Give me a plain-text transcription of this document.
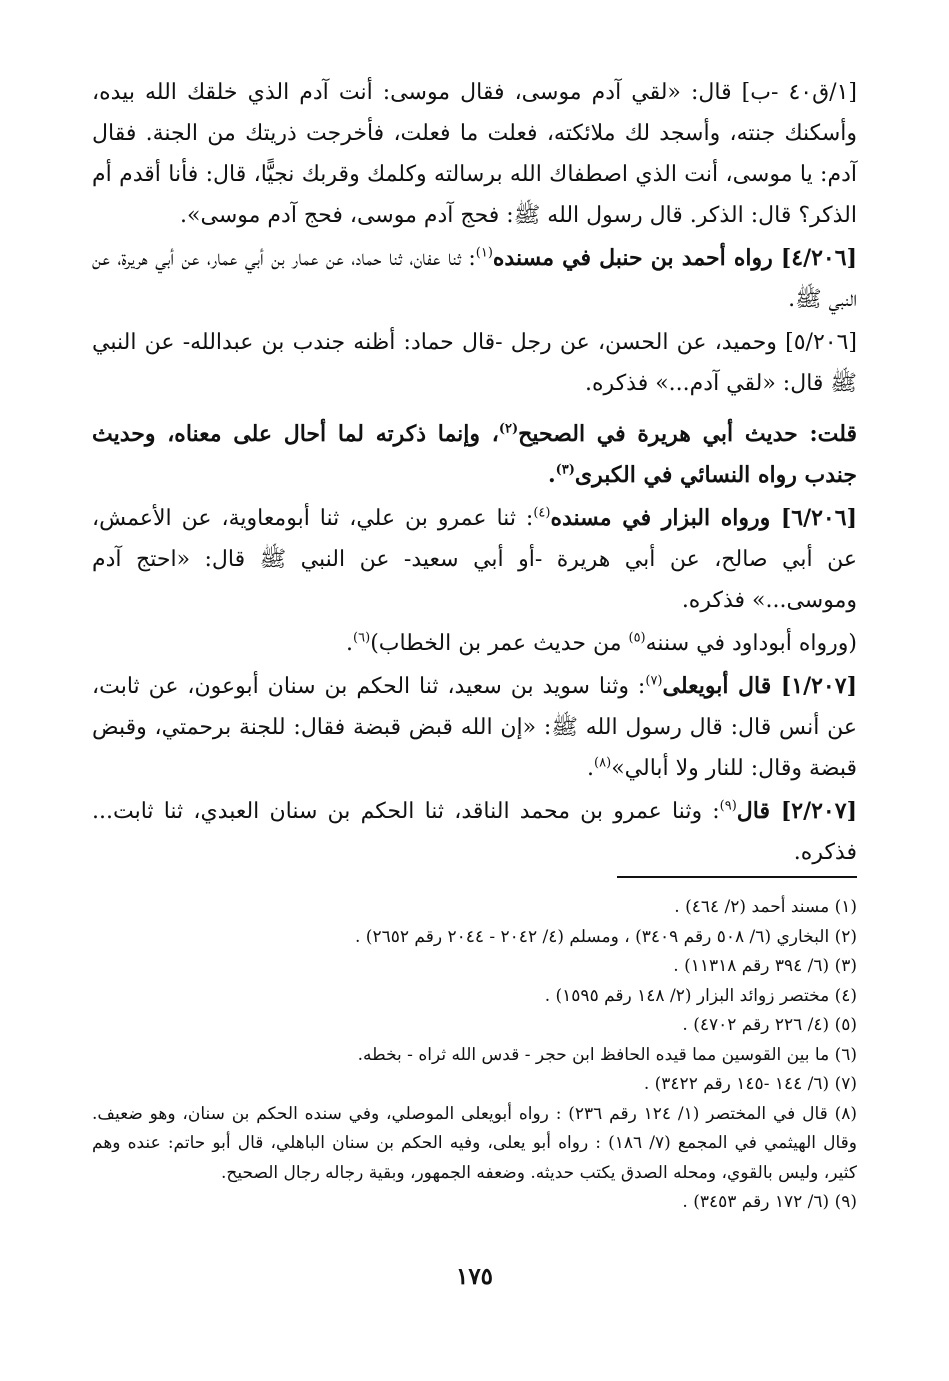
[١/ق٤٠ -ب] قال: «لقي آدم موسى، فقال موسى: أنت آدم الذي خلقك الله بيده، وأسكنك جنته، وأسجد لك ملائكته، فعلت ما فعلت، فأخرجت ذريتك من الجنة. فقال آدم: يا موسى، أنت الذي اصطفاك الله برسالته وكلمك وقربك نجيًّا، قال: فأنا أقدم أم الذكر؟ قال: الذكر. قال رسول الله ﷺ: فحج آدم موسى، فحج آدم موسى».

[٤/٢٠٦] رواه أحمد بن حنبل في مسنده$^{(١)}$: ثنا عفان، ثنا حماد، عن عمار بن أبي عمار، عن أبي هريرة، عن النبي ﷺ.

[٥/٢٠٦] وحميد، عن الحسن، عن رجل -قال حماد: أظنه جندب بن عبدالله- عن النبي ﷺ قال: «لقي آدم...» فذكره.

قلت: حديث أبي هريرة في الصحيح$^{(٢)}$، وإنما ذكرته لما أحال على معناه، وحديث جندب رواه النسائي في الكبرى$^{(٣)}$.

[٦/٢٠٦] ورواه البزار في مسنده$^{(٤)}$: ثنا عمرو بن علي، ثنا أبومعاوية، عن الأعمش، عن أبي صالح، عن أبي هريرة -أو أبي سعيد- عن النبي ﷺ قال: «احتج آدم وموسى...» فذكره.

(ورواه أبوداود في سننه$^{(٥)}$ من حديث عمر بن الخطاب)$^{(٦)}$.

[١/٢٠٧] قال أبويعلى$^{(٧)}$: وثنا سويد بن سعيد، ثنا الحكم بن سنان أبوعون، عن ثابت، عن أنس قال: قال رسول الله ﷺ: «إن الله قبض قبضة فقال: للجنة برحمتي، وقبض قبضة وقال: للنار ولا أبالي»$^{(٨)}$.

[٢/٢٠٧] قال$^{(٩)}$: وثنا عمرو بن محمد الناقد، ثنا الحكم بن سنان العبدي، ثنا ثابت... فذكره.

(١) مسند أحمد (٢/ ٤٦٤) .

(٢) البخاري (٦/ ٥٠٨ رقم ٣٤٠٩) ، ومسلم (٤/ ٢٠٤٢ - ٢٠٤٤ رقم ٢٦٥٢) .

(٣) (٦/ ٣٩٤ رقم ١١٣١٨) .

(٤) مختصر زوائد البزار (٢/ ١٤٨ رقم ١٥٩٥) .

(٥) (٤/ ٢٢٦ رقم ٤٧٠٢) .

(٦) ما بين القوسين مما قيده الحافظ ابن حجر - قدس الله ثراه - بخطه.

(٧) (٦/ ١٤٤ -١٤٥ رقم ٣٤٢٢) .

(٨) قال في المختصر (١/ ١٢٤ رقم ٢٣٦) : رواه أبويعلى الموصلي، وفي سنده الحكم بن سنان، وهو ضعيف. وقال الهيثمي في المجمع (٧/ ١٨٦) : رواه أبو يعلى، وفيه الحكم بن سنان الباهلي، قال أبو حاتم: عنده وهم كثير، وليس بالقوي، ومحله الصدق يكتب حديثه. وضعفه الجمهور، وبقية رجاله رجال الصحيح.

(٩) (٦/ ١٧٢ رقم ٣٤٥٣) .

١٧٥
